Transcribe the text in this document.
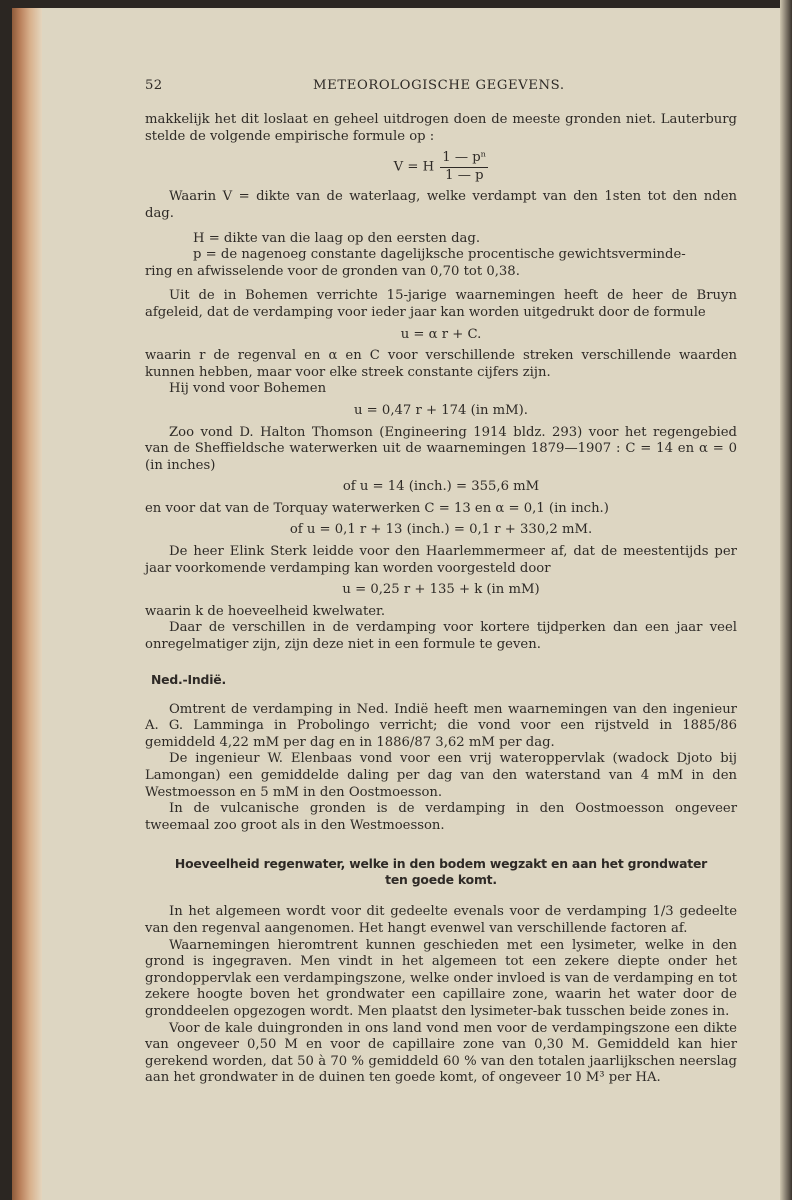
52	METEOROLOGISCHE GEGEVENS.

makkelijk het dit loslaat en geheel uitdrogen doen de meeste gronden niet. Lauterburg stelde de volgende empirische formule op :

V = H $\frac{\text{1 — pⁿ}}{1 — p}$

Waarin V = dikte van de waterlaag, welke verdampt van den 1sten tot den nden dag.

H = dikte van die laag op den eersten dag.

p = de nagenoeg constante dagelijksche procentische gewichtsverminde-

ring en afwisselende voor de gronden van 0,70 tot 0,38.

Uit de in Bohemen verrichte 15-jarige waarnemingen heeft de heer de Bruyn afgeleid, dat de verdamping voor ieder jaar kan worden uitgedrukt door de formule

u = α r + C.

waarin r de regenval en α en C voor verschillende streken verschillende waarden kunnen hebben, maar voor elke streek constante cijfers zijn.

Hij vond voor Bohemen

u = 0,47 r + 174 (in mM).

Zoo vond D. Halton Thomson (Engineering 1914 bldz. 293) voor het regengebied van de Sheffieldsche waterwerken uit de waarnemingen 1879—1907 : C = 14 en α = 0 (in inches)

of u = 14 (inch.) = 355,6 mM

en voor dat van de Torquay waterwerken C = 13 en α = 0,1 (in inch.)

of u = 0,1 r + 13 (inch.) = 0,1 r + 330,2 mM.

De heer Elink Sterk leidde voor den Haarlemmermeer af, dat de meestentijds per jaar voorkomende verdamping kan worden voorgesteld door

u = 0,25 r + 135 + k (in mM)

waarin k de hoeveelheid kwelwater.

Daar de verschillen in de verdamping voor kortere tijdperken dan een jaar veel onregelmatiger zijn, zijn deze niet in een formule te geven.

Ned.-Indië.

Omtrent de verdamping in Ned. Indië heeft men waarnemingen van den ingenieur A. G. Lamminga in Probolingo verricht; die vond voor een rijstveld in 1885/86 gemiddeld 4,22 mM per dag en in 1886/87 3,62 mM per dag.

De ingenieur W. Elenbaas vond voor een vrij wateroppervlak (wadock Djoto bij Lamongan) een gemiddelde daling per dag van den waterstand van 4 mM in den Westmoesson en 5 mM in den Oostmoesson.

In de vulcanische gronden is de verdamping in den Oostmoesson ongeveer tweemaal zoo groot als in den Westmoesson.

Hoeveelheid regenwater, welke in den bodem wegzakt en aan het grondwater
ten goede komt.

In het algemeen wordt voor dit gedeelte evenals voor de verdamping 1/3 gedeelte van den regenval aangenomen. Het hangt evenwel van verschillende factoren af.

Waarnemingen hieromtrent kunnen geschieden met een lysimeter, welke in den grond is ingegraven. Men vindt in het algemeen tot een zekere diepte onder het grondoppervlak een verdampingszone, welke onder invloed is van de verdamping en tot zekere hoogte boven het grondwater een capillaire zone, waarin het water door de gronddeelen opgezogen wordt. Men plaatst den lysimeter-bak tusschen beide zones in.

Voor de kale duingronden in ons land vond men voor de verdampingszone een dikte van ongeveer 0,50 M en voor de capillaire zone van 0,30 M. Gemiddeld kan hier gerekend worden, dat 50 à 70 % gemiddeld 60 % van den totalen jaarlijkschen neerslag aan het grondwater in de duinen ten goede komt, of ongeveer 10 M³ per HA.
